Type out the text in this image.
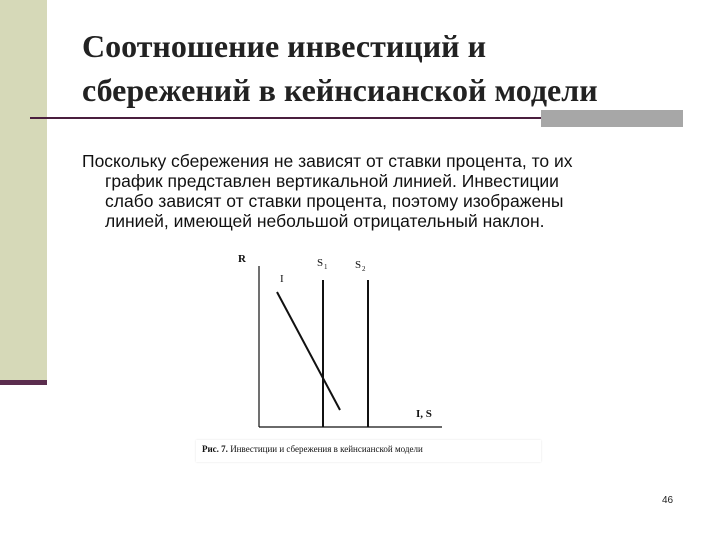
Соотношение инвестиций и
сбережений в кейнсианской модели
Поскольку сбережения не зависят от ставки процента, то их
график представлен вертикальной линией. Инвестиции
слабо зависят от ставки процента, поэтому изображены
линией, имеющей небольшой отрицательный наклон.
R
I, S
I
S 1	S 2
Рис. 7. Инвестиции и сбережения в кейнсианской модели
46
